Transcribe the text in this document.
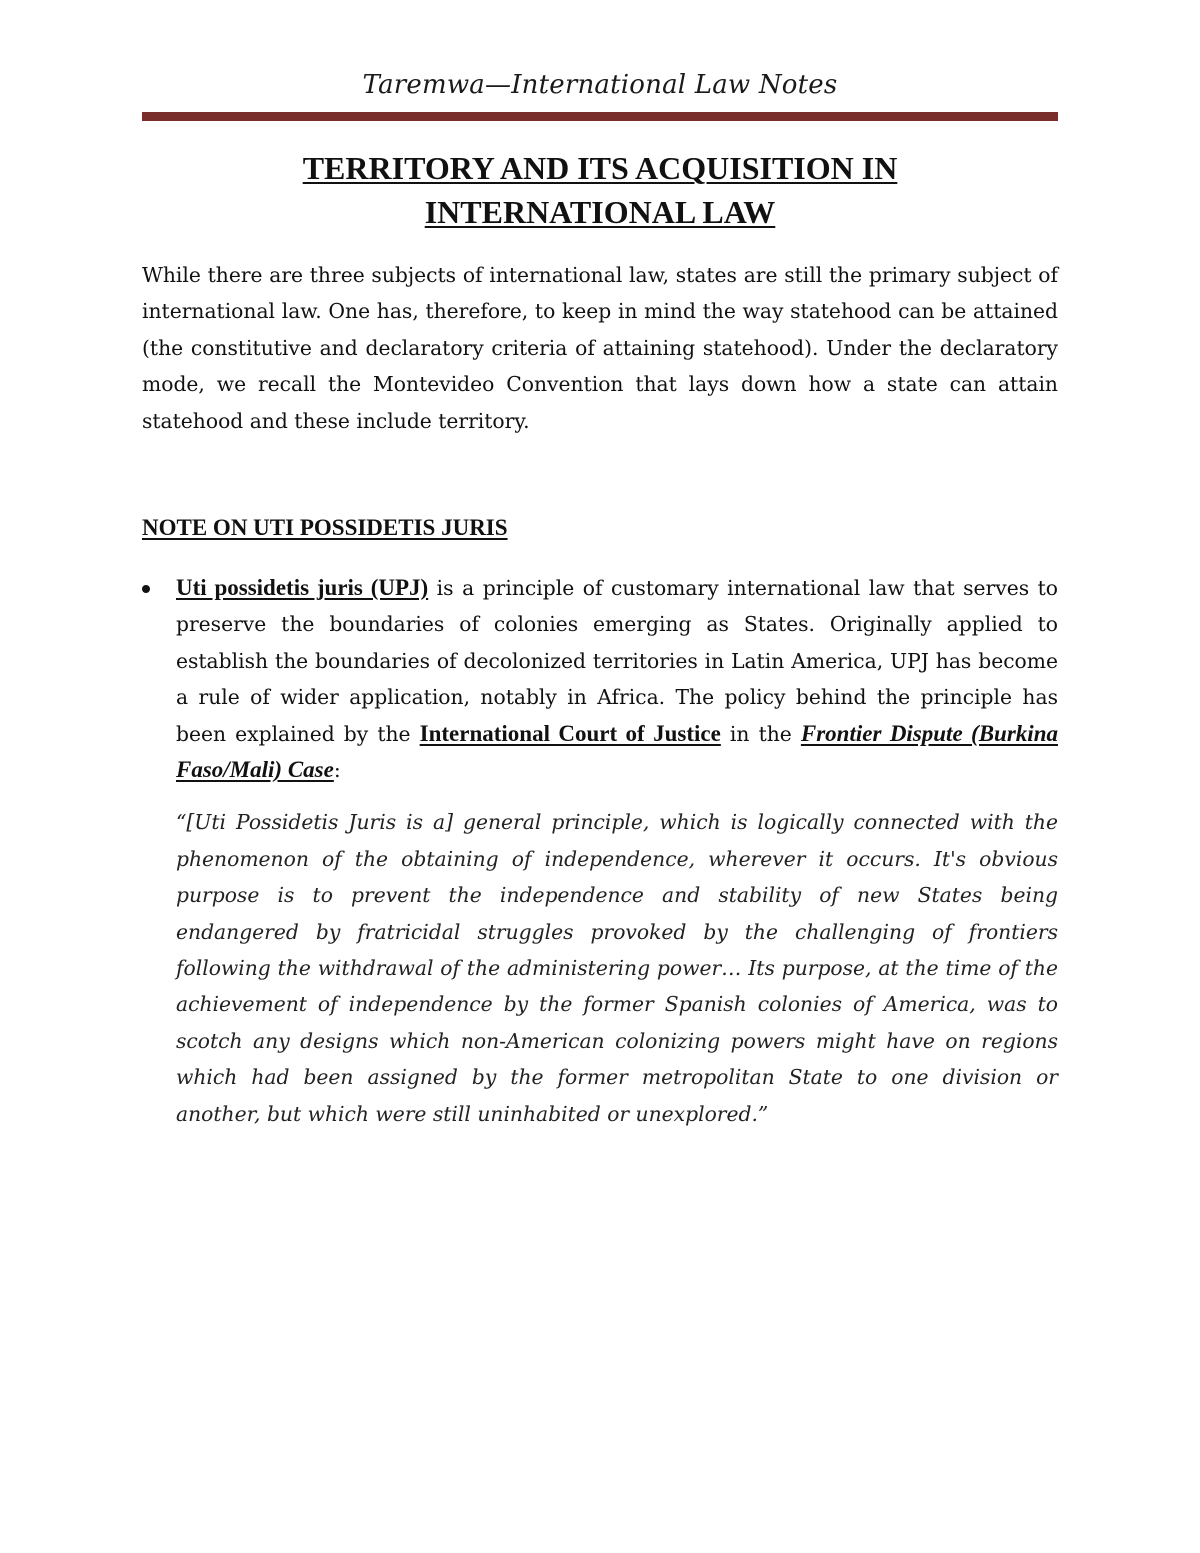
Taremwa—International Law Notes
TERRITORY AND ITS ACQUISITION IN
INTERNATIONAL LAW

While there are three subjects of international law, states are still the primary subject of international law. One has, therefore, to keep in mind the way statehood can be attained (the constitutive and declaratory criteria of attaining statehood). Under the declaratory mode, we recall the Montevideo Convention that lays down how a state can attain statehood and these include territory.

NOTE ON UTI POSSIDETIS JURIS

Uti possidetis juris (UPJ) is a principle of customary international law that serves to preserve the boundaries of colonies emerging as States. Originally applied to establish the boundaries of decolonized territories in Latin America, UPJ has become a rule of wider application, notably in Africa. The policy behind the principle has been explained by the International Court of Justice in the Frontier Dispute (Burkina Faso/Mali) Case:

“[Uti Possidetis Juris is a] general principle, which is logically connected with the phenomenon of the obtaining of independence, wherever it occurs. It's obvious purpose is to prevent the independence and stability of new States being endangered by fratricidal struggles provoked by the challenging of frontiers following the withdrawal of the administering power… Its purpose, at the time of the achievement of independence by the former Spanish colonies of America, was to scotch any designs which non-American colonizing powers might have on regions which had been assigned by the former metropolitan State to one division or another, but which were still uninhabited or unexplored.”
